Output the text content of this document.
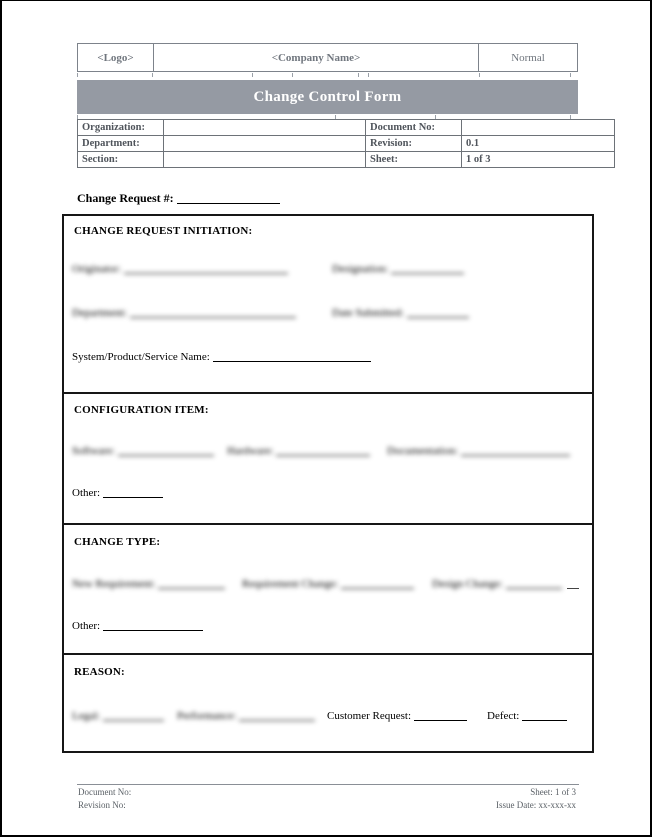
<Logo>	<Company Name>	Normal
Change Control Form
Organization:		Document No:	
Department:		Revision:	0.1
Section:		Sheet:	1 of 3
Change Request #:
CHANGE REQUEST INITIATION:
Originator:	Designation:
Department:	Date Submitted:
System/Product/Service Name:
CONFIGURATION ITEM:
Software:	Hardware:	Documentation:
Other:
CHANGE TYPE:
New Requirement:	Requirement Change:	Design Change:
Other:
REASON:
Legal:	Performance:	Customer Request:	Defect:
Document No:
Revision No:
Sheet: 1 of 3
Issue Date: xx-xxx-xx
